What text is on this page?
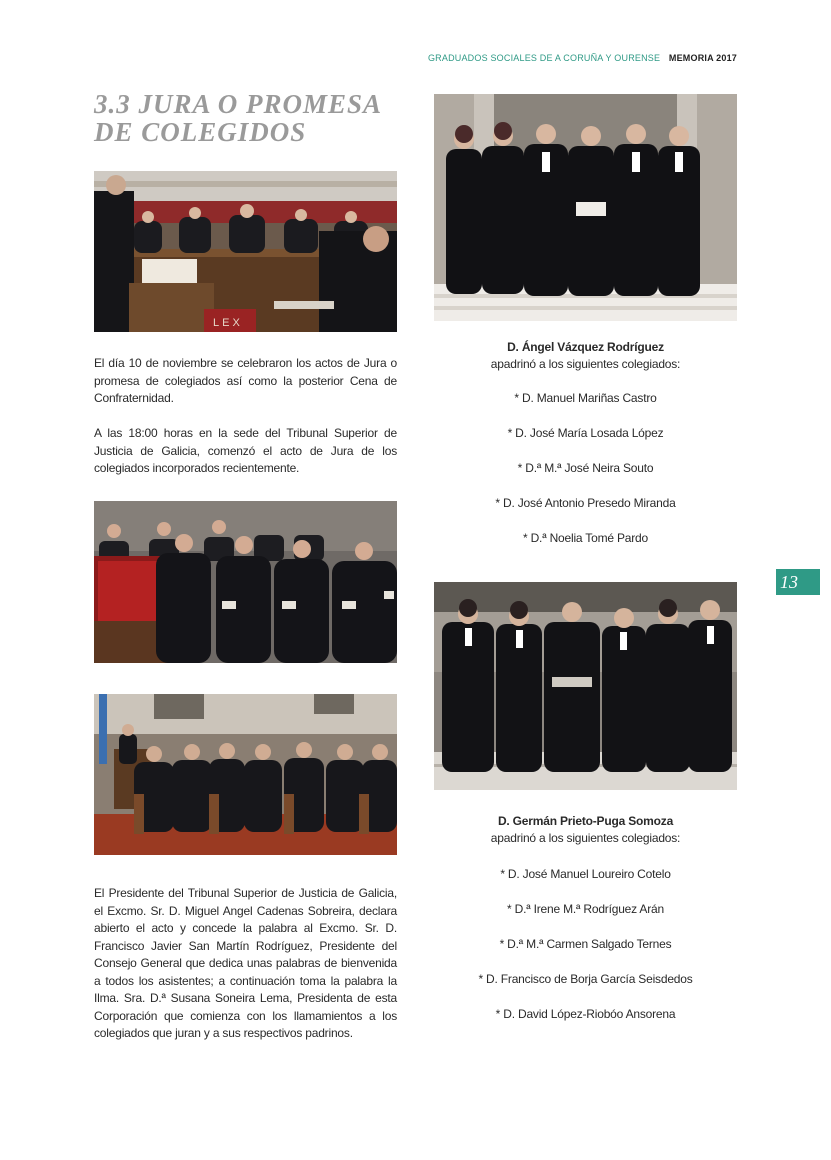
GRADUADOS SOCIALES DE A CORUÑA Y OURENSE MEMORIA 2017
3.3 JURA O PROMESA DE COLEGIDOS
LEX
El día 10 de noviembre se celebraron los actos de Jura o promesa de colegiados así como la posterior Cena de Confraternidad.
A las 18:00 horas en la sede del Tribunal Superior de Justicia de Galicia, comenzó el acto de Jura de los colegiados incorporados recientemente.
El Presidente del Tribunal Superior de Justicia de Galicia, el Excmo. Sr. D. Miguel Angel Cadenas Sobreira, declara abierto el acto y concede la palabra al Excmo. Sr. D. Francisco Javier San Martín Rodríguez, Presidente del Consejo General que dedica unas palabras de bienvenida a todos los asistentes; a continuación toma la palabra la Ilma. Sra. D.ª Susana Soneira Lema, Presidenta de esta Corporación que comienza con los llamamientos a los colegiados que juran y a sus respectivos padrinos.
D. Ángel Vázquez Rodríguez
apadrinó a los siguientes colegiados:
* D. Manuel Mariñas Castro
* D. José María Losada López
* D.ª M.ª José Neira Souto
* D. José Antonio Presedo Miranda
* D.ª Noelia Tomé Pardo
13
D. Germán Prieto-Puga Somoza
apadrinó a los siguientes colegiados:
* D. José Manuel Loureiro Cotelo
* D.ª Irene M.ª Rodríguez Arán
* D.ª M.ª Carmen Salgado Ternes
* D. Francisco de Borja García Seisdedos
* D. David López-Riobóo Ansorena
